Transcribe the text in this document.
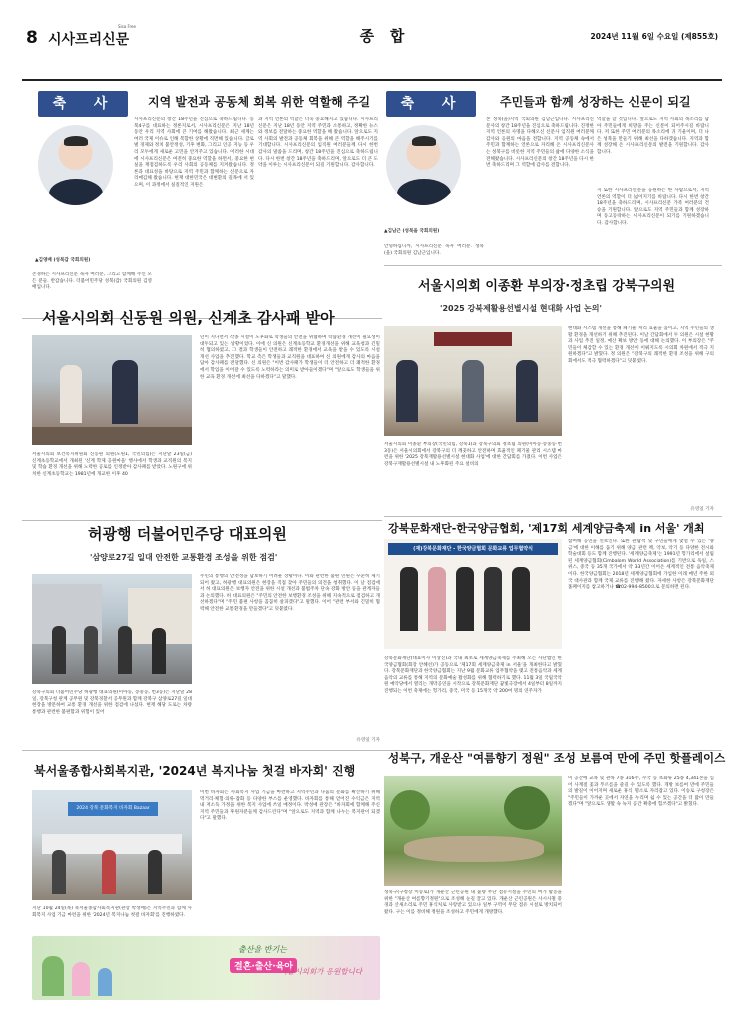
8 시사프리신문
Sisa Free
종   합	2024년 11월 6일 수요일 (제855호)
축  사	지역 발전과 공동체 회복 위한 역할해 주길
▲김영배 (성북갑 국회의원)
존경하는 시사프리신문 독자 여러분, 그리고 함께해 주신 모든 분들. 반갑습니다. 더불어민주당 성북(갑) 국회의원 김영배입니다.
시사프리신문의 창간 18주년을 진심으로 축하드립니다. 동북4구를 대표하는 정론지로서, 시사프리신문은 지난 18년 동안 우리 지역 사회에 큰 기여를 해왔습니다. 최근 세계는 여러 국제 이슈로 인해 복합한 상황에 직면해 있습니다. 글로벌 경제와 정치 불안정성, 기후 변화, 그리고 인공 지능 등 우리 모두에게 새로운 고민을 안겨주고 있습니다. 이러한 시대에 시사프리신문은 여전히 중요한 역할을 하면서, 중요한 현실을 재점검하도록 우리 사회의 공동체를 지켜왔습니다. 정론과 대표성을 바탕으로 지역 주민과 함께하는 신문으로 자리매김해 왔습니다. 현재 대한민국은 대변환의 길목에 서 있으며, 이 과정에서 실질적인 지원은
과 지역 언론의 역할은 더욱 중요해지고 있습니다. 시사프리신문은 지난 18년 동안 지역 주민과 소통하고, 정확한 뉴스와 정보를 전달하는 중요한 역할을 해 왔습니다. 앞으로도 지역 사회의 발전과 공동체 회복을 위해 큰 역할을 해주시기를 기대합니다. 시사프리신문의 임직원 여러분들께 다시 한번 감사의 말씀을 드리며, 창간 18주년을 진심으로 축하드립니다. 다시 한번 창간 18주년을 축하드리며, 앞으로도 더 큰 도약을 이루는 시사프리신문이 되길 기원합니다. 감사합니다.
축  사	주민들과 함께 성장하는 신문이 되길
▲김남근 (성북을 국회의원)
안녕하십니까, 시사프리신문 독자 여러분. 성북(을) 국회의원 김남근입니다.
본 성북(을)지역 국회의원 김남근입니다. 시사프리신문사의 창간 18주년을 진심으로 축하드립니다. 진정한 지역 언론의 사명을 다해오신 신문사 임직원 여러분께 감사와 응원의 마음을 전합니다. 지역 공동체 속에서 주민과 함께하는 언론으로 자리해 온 시사프리신문사는 성북구를 비롯한 지역 주민들의 삶에 다양한 소식을 전해왔습니다. 시사프리신문의 창간 18주년을 다시 한번 축하드리며 그 역할에 감사를 전합니다.
역할을 할 것입니다. 앞으로도 지역 사회의 목소리를 담아 주민들에게 희망을 주는 신문이 되어주시길 바랍니다. 저 또한 주민 여러분의 목소리에 귀 기울이며, 더 나은 성북을 만들기 위해 최선을 다하겠습니다. 지역과 함께 성장해 온 시사프리신문의 발전을 기원합니다. 감사합니다.
지 또한 시사프리신문을 응원하는 한 사람으로서, 지역 언론의 역할이 더 넓어지기를 바랍니다. 다시 한번 창간 18주년을 축하드리며, 시사프리신문 가족 여러분의 건승을 기원합니다. 앞으로도 지역 주민들과 함께 성장하며 동고동락하는 시사프리신문이 되기를 기원하겠습니다. 감사합니다.
서울시의회 신동원 의원, 신계초 감사패 받아
서울시의회 보건복지위원회 신동원 의원(노원1, 국민의힘)은 지난달 23일(금) 신계초등학교에서 개최된 '신계 학제 공원마을' 행사에서 학생과 교직원의 복지 및 학습 환경 개선을 위해 노력한 공로를 인정받아 감사패를 받았다. 노원구에 위치한 신계초등학교는 1981년에 개교한 이후 40
넌이 지나면서 각종 시설이 노후화로 학생들의 안전을 위협하며 학습환경 개선이 필요성이 대두되고 있는 상황이었다. 이에 신 의원은 신계초등학교 환경개선을 위해 교육청과 긴밀히 협의하였고, 그 결과 학생들이 안전하고 쾌적한 환경에서 교육을 받을 수 있도록 시설 개선 사업을 추진했다. 학교 측은 학생들과 교직원을 대표하여 신 의원에게 감사의 마음을 담아 감사패를 전달했다. 신 의원은 "이번 감사패가 학생들이 더 안전하고 더 쾌적한 환경에서 학업을 이어갈 수 있도록 노력하라는 의미로 받아들이겠다"며 "앞으로도 학생들을 위한 교육 환경 개선에 최선을 다하겠다"고 말했다.
서울시의회 이종환 부의장·정초립 강북구의원
'2025 강북제활용선별시설 현대화 사업 논의'
서울시의회 이종환 부의장(국민의힘, 강북1)과 강북구의회 정초립 의원(미아동·송중동·번3동)은 서울시의회에서 강북구의 더 깨끗하고 안전하며 효율적인 폐기물 관리 시스템 마련을 위한 '2025 강북재활용선별시설 현대화 사업'에 대한 간담회를 가졌다. 이번 사업은 강북구재활용선별시설 내 노후화된 주요 설비의
현대화 시스템 개선을 통해 폐기물 처리 효율을 높이고, 지역 주민들의 생활 환경을 개선하기 위해 추진된다. 이날 간담회에서 두 의원은 시설 현황과 사업 추진 일정, 예산 확보 방안 등에 대해 논의했다. 이 부의장은 "주민들이 체감할 수 있는 환경 개선이 이뤄지도록 시의회 차원에서 적극 지원하겠다"고 밝혔다. 정 의원은 "강북구의 쾌적한 환경 조성을 위해 구의회에서도 적극 협력하겠다"고 덧붙였다.
유영일 기자
허광행 더불어민주당 대표의원
'삼양로27길 일대 안전한 교통환경 조성을 위한 점검'
강북구의회 더불어민주당 허광행 대표의원(미아동, 송중동, 번3동)은 지난달 28일, 강북구청 관계 공무원 및 강북경찰서 공무원과 함께 강북구 삼양로27길 일대 현장을 방문하여 교통 환경 개선을 위한 점검에 나섰다. 현재 해당 도로는 차량 통행과 관련한 불편함과 위험이 있어
주민의 통행의 안전성을 담보하기 어려운 상황이다. 이와 관련한 불편 민원은 꾸준히 제기되어 왔고, 허광행 대표의원은 현장을 직접 찾아 주민들의 의견을 청취했다. 이 날 점검에서 허 대표의원은 보행자 안전을 위한 시설 개선과 불법주차 단속 강화 방안 등을 관계자들과 논의했다. 허 대표의원은 "주민의 안전한 보행환경 조성을 위해 지속적으로 점검하고 개선하겠다"며 "주민 불편 사항을 꼼꼼히 살피겠다"고 말했다. 이어 "관련 부서와 긴밀히 협력해 안전한 교통환경을 만들겠다"고 덧붙였다.
유영일 기자
강북문화재단-한국양금협회, '제17회 세계양금축제 in 서울' 개최
(재)강북문화재단 - 한국양금협회 문화교류 업무협약식
강북문화재단(대표이사 이상진)과 국내 최초로 세계양금축제를 주최해 오는 사단법인 한국양금협회(회장 안혜선)가 공동으로 '제17회 세계양금축제 in 서울'을 개최한다고 밝혔다. 강북문화재단과 한국양금협회는 지난 9월 문화교류 업무협약을 맺고 전통음악과 세계 음악의 교류를 통해 지역의 문화예술 활성화를 위해 협력하기로 했다. 11월 3일 국립국악원 예악당에서 열리는 개막공연을 시작으로 강북문화재단 꿈빛극장에서 4일부터 8일까지 진행되는 이번 축제에는 헝가리, 중국, 미국 등 15개국 약 200여 명의 연주자가
참여해 공연을 선보인다. 또한 관람객 및 구민들에게 낯설 수 있는 '양금'에 대한 이해를 돕기 위해 양금 관련 책, 악보, 악기 등 다양한 전시와 학술대회 등도 함께 진행된다. '세계양금축제'는 1991년 헝가리에서 설립된 세계양금협회(Cimbalom World Association)를 기반으로 독일, 스위스, 중국 등 35개 국가에서 약 33년간 이어온 세계적인 전통 음악축제이다. 한국양금협회는 2018년 세계양금협회에 가입한 이래 매년 주한 외국 대사관과 함께 국제 교류를 진행해 왔다. 자세한 사항은 강북문화재단 홈페이지를 참고하거나 ☎02-994-8500으로 문의하면 된다.
북서울종합사회복지관, '2024년 복지나눔 첫걸 바자회' 진행
2024 강북 문화복지 바자회 Bazaar
지난 10월 24일(목) 북서울종합사회복지관(관장 박성애)은 지역주민과 함께 사회복지 사업 기금 마련을 위한 '2024년 복지나눔 첫걸 바자회'를 진행하였다.
이번 바자회는 사회복지 사업 기금을 마련하고 지역주민과 나눔의 문화를 확산하기 위해 먹거리·체험·의류·잡화 등 다양한 부스를 운영했다. 바자회를 통해 얻어진 수익금은 지역 내 저소득 가정을 위한 복지 사업에 쓰일 예정이다. 박성애 관장은 "바자회에 함께해 주신 지역 주민들과 후원자분들께 감사드린다"며 "앞으로도 지역과 함께 나누는 복지관이 되겠다"고 말했다.
출산을 반기는
결혼·출산·육아
서울시의회가 응원합니다
성북구, 개운산 "여름향기 정원" 조성 보름여 만에 주민 핫플레이스
성북구(구청장 이승로)가 개운산 근린공원 내 불량 무단 점유시설을 주민의 여가 활동을 위한 "개운산 여름향기정원"으로 조성해 눈길 끌고 있다. 개운산 근린공원은 사시사철 풍경과 산새소리로 주민 휴식처로 사랑받고 있으나 일부 구역이 무단 점유 시설로 방치되어 왔다. 구는 이를 정비해 정원을 조성하고 주민에게 개방했다.
이 공간에 교목 및 관목 7종 316주, 수국 등 초화류 25종 4,341본을 심어 사계절 꽃과 푸르름을 즐길 수 있도록 했다. 개방 보름여 만에 주민들의 발길이 이어지며 새로운 휴식 명소로 자리잡고 있다. 이승로 구청장은 "주민들이 가까운 곳에서 자연을 누리며 쉴 수 있는 공간을 더 많이 만들겠다"며 "앞으로도 생활 속 녹지 공간 확충에 힘쓰겠다"고 밝혔다.
